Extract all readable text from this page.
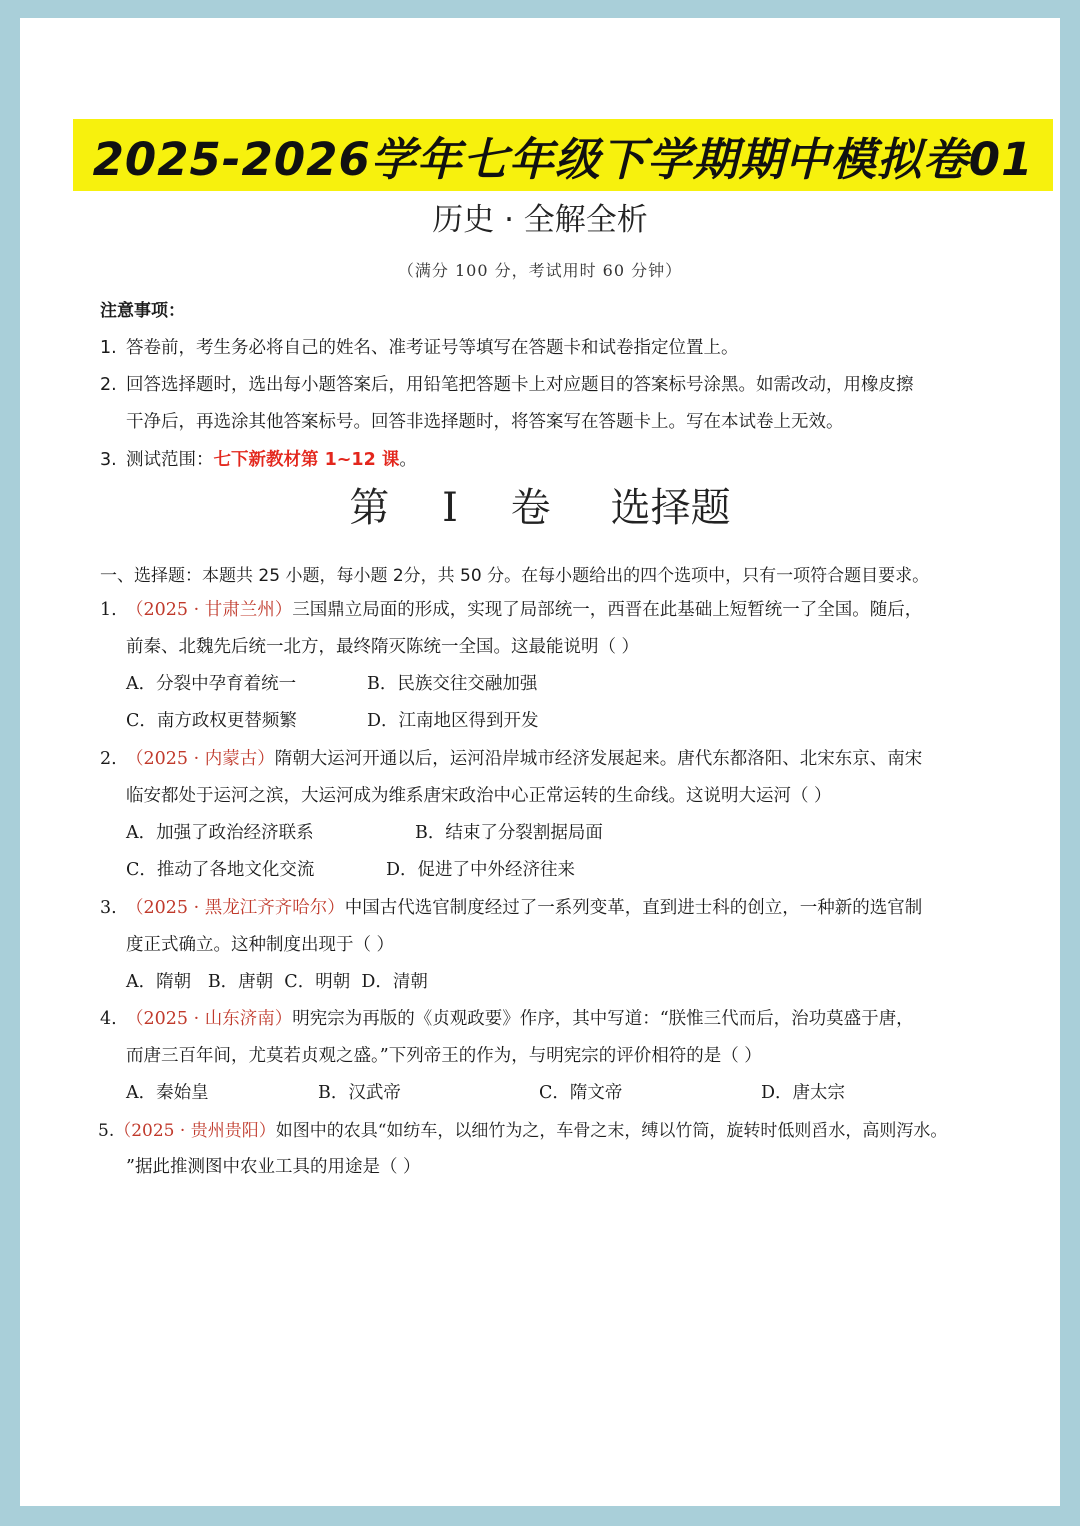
2025-2026学年七年级下学期期中模拟卷01
历史 · 全解全析
（满分 100 分，考试用时 60 分钟）
注意事项：
1. 答卷前，考生务必将自己的姓名、准考证号等填写在答题卡和试卷指定位置上。
2. 回答选择题时，选出每小题答案后，用铅笔把答题卡上对应题目的答案标号涂黑。如需改动，用橡皮擦
干净后，再选涂其他答案标号。回答非选择题时，将答案写在答题卡上。写在本试卷上无效。
3. 测试范围：七下新教材第 1~12 课。
第 I 卷 选择题
一、选择题：本题共 25 小题，每小题 2分，共 50 分。在每小题给出的四个选项中，只有一项符合题目要求。
1. （2025 · 甘肃兰州）三国鼎立局面的形成，实现了局部统一，西晋在此基础上短暂统一了全国。随后，
前秦、北魏先后统一北方，最终隋灭陈统一全国。这最能说明（ ）
A．分裂中孕育着统一	B．民族交往交融加强
C．南方政权更替频繁	D．江南地区得到开发
2. （2025 · 内蒙古）隋朝大运河开通以后，运河沿岸城市经济发展起来。唐代东都洛阳、北宋东京、南宋
临安都处于运河之滨，大运河成为维系唐宋政治中心正常运转的生命线。这说明大运河（ ）
A．加强了政治经济联系	B．结束了分裂割据局面
C．推动了各地文化交流	D．促进了中外经济往来
3. （2025 · 黑龙江齐齐哈尔）中国古代选官制度经过了一系列变革，直到进士科的创立，一种新的选官制
度正式确立。这种制度出现于（ ）
A．隋朝   B．唐朝  C．明朝  D．清朝
4. （2025 · 山东济南）明宪宗为再版的《贞观政要》作序，其中写道：“朕惟三代而后，治功莫盛于唐，
而唐三百年间，尤莫若贞观之盛。”下列帝王的作为，与明宪宗的评价相符的是（ ）
A．秦始皇	B．汉武帝	C．隋文帝	D．唐太宗
5.（2025 · 贵州贵阳）如图中的农具“如纺车，以细竹为之，车骨之末，缚以竹筒，旋转时低则舀水，高则泻水。
”据此推测图中农业工具的用途是（ ）
